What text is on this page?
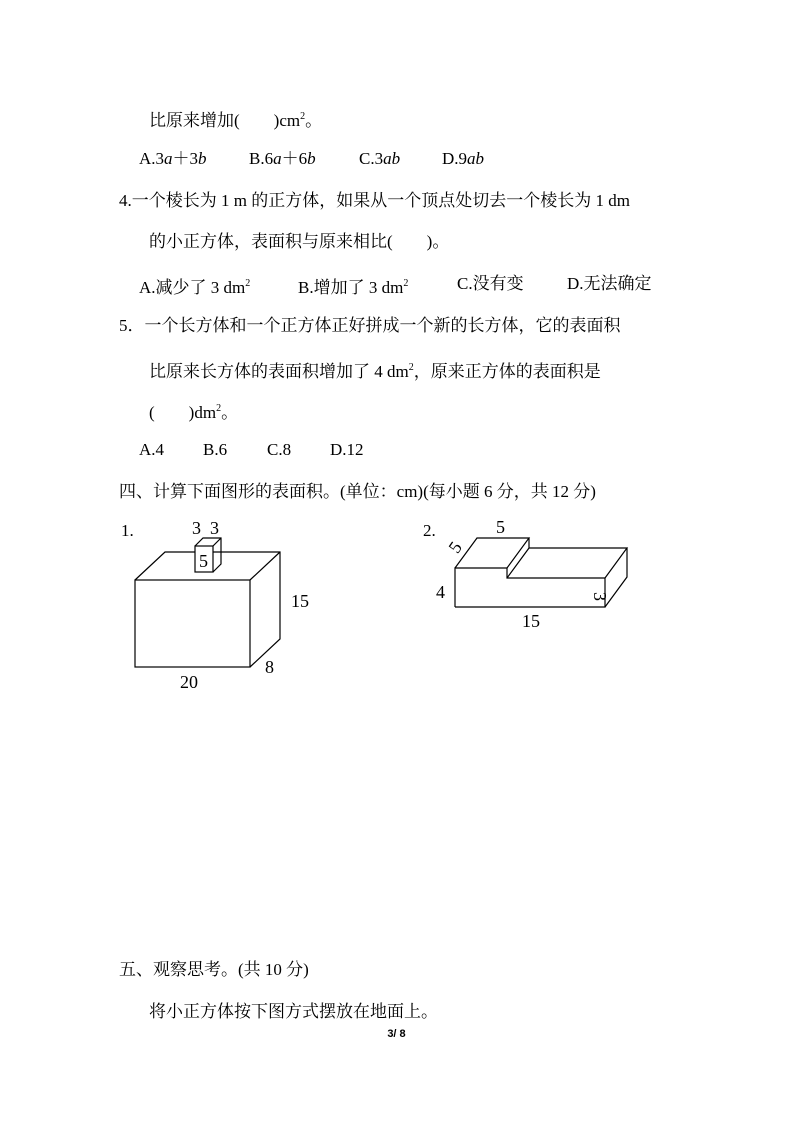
比原来增加( )$cm^2$。
A.3a＋3b B.6a＋6b	C.3ab D.9ab
4.一个棱长为 1 m 的正方体，如果从一个顶点处切去一个棱长为 1 dm
的小正方体，表面积与原来相比( )。
A.减少了 3 $dm^2$	B.增加了 3 $dm^2$	C.没有变	D.无法确定
5．一个长方体和一个正方体正好拼成一个新的长方体，它的表面积
比原来长方体的表面积增加了 4 $dm^2$，原来正方体的表面积是
( )$dm^2$。
A.4 B.6 C.8 D.12
四、计算下面图形的表面积。(单位：cm)(每小题 6 分，共 12 分)
1.	3 3
5
15
20
8
2.	5
5
4	3
15
五、观察思考。(共 10 分)
将小正方体按下图方式摆放在地面上。
3/ 8
